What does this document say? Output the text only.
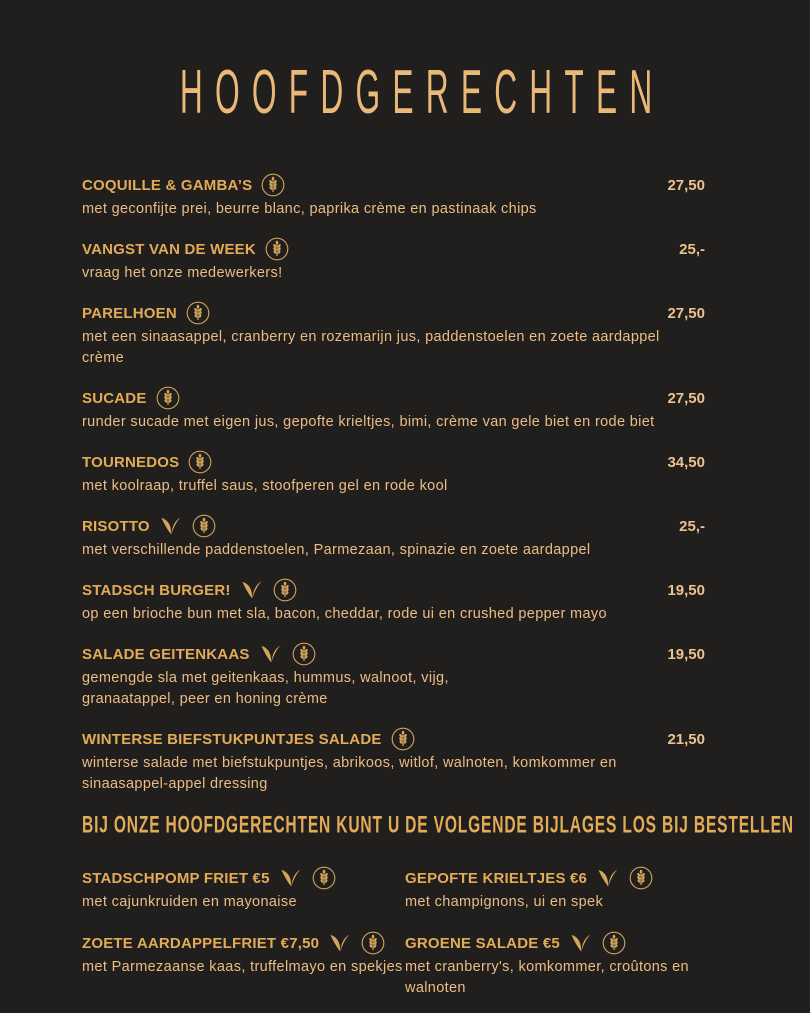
HOOFDGERECHTEN
COQUILLE & GAMBA’S	27,50
met geconfijte prei, beurre blanc, paprika crème en pastinaak chips
VANGST VAN DE WEEK	25,-
vraag het onze medewerkers!
PARELHOEN	27,50
met een sinaasappel, cranberry en rozemarijn jus, paddenstoelen en zoete aardappel crème
SUCADE	27,50
runder sucade met eigen jus, gepofte krieltjes, bimi, crème van gele biet en rode biet
TOURNEDOS	34,50
met koolraap, truffel saus, stoofperen gel en rode kool
RISOTTO	25,-
met verschillende paddenstoelen, Parmezaan, spinazie en zoete aardappel
STADSCH BURGER!	19,50
op een brioche bun met sla, bacon, cheddar, rode ui en crushed pepper mayo
SALADE GEITENKAAS	19,50
gemengde sla met geitenkaas, hummus, walnoot, vijg,
granaatappel, peer en honing crème
WINTERSE BIEFSTUKPUNTJES SALADE	21,50
winterse salade met biefstukpuntjes, abrikoos, witlof, walnoten, komkommer en
sinaasappel-appel dressing
BIJ ONZE HOOFDGERECHTEN KUNT U DE VOLGENDE BIJLAGES LOS BIJ BESTELLEN
STADSCHPOMP FRIET €5
met cajunkruiden en mayonaise
GEPOFTE KRIELTJES €6
met champignons, ui en spek
ZOETE AARDAPPELFRIET €7,50
met Parmezaanse kaas, truffelmayo en spekjes
GROENE SALADE €5
met cranberry's, komkommer, croûtons en walnoten
